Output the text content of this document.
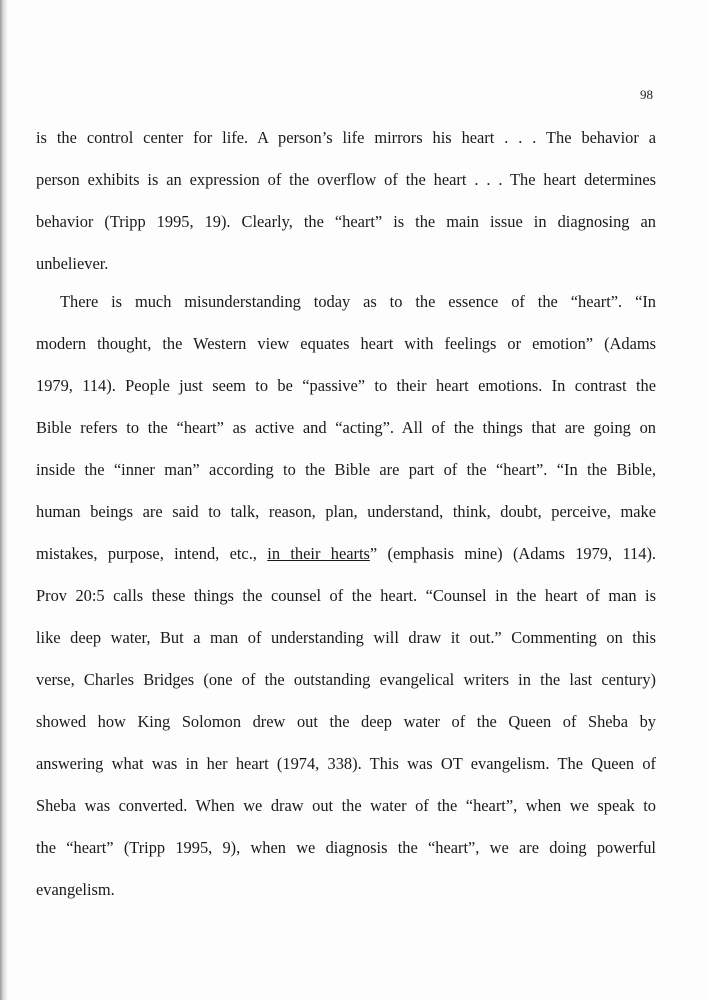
98
is the control center for life. A person’s life mirrors his heart . . . The behavior a
person exhibits is an expression of the overflow of the heart . . . The heart determines
behavior (Tripp 1995, 19). Clearly, the “heart” is the main issue in diagnosing an
unbeliever.
There is much misunderstanding today as to the essence of the “heart”. “In
modern thought, the Western view equates heart with feelings or emotion” (Adams
1979, 114). People just seem to be “passive” to their heart emotions. In contrast the
Bible refers to the “heart” as active and “acting”. All of the things that are going on
inside the “inner man” according to the Bible are part of the “heart”. “In the Bible,
human beings are said to talk, reason, plan, understand, think, doubt, perceive, make
mistakes, purpose, intend, etc., in their hearts” (emphasis mine) (Adams 1979, 114).
Prov 20:5 calls these things the counsel of the heart. “Counsel in the heart of man is
like deep water, But a man of understanding will draw it out.” Commenting on this
verse, Charles Bridges (one of the outstanding evangelical writers in the last century)
showed how King Solomon drew out the deep water of the Queen of Sheba by
answering what was in her heart (1974, 338). This was OT evangelism. The Queen of
Sheba was converted. When we draw out the water of the “heart”, when we speak to
the “heart” (Tripp 1995, 9), when we diagnosis the “heart”, we are doing powerful
evangelism.
